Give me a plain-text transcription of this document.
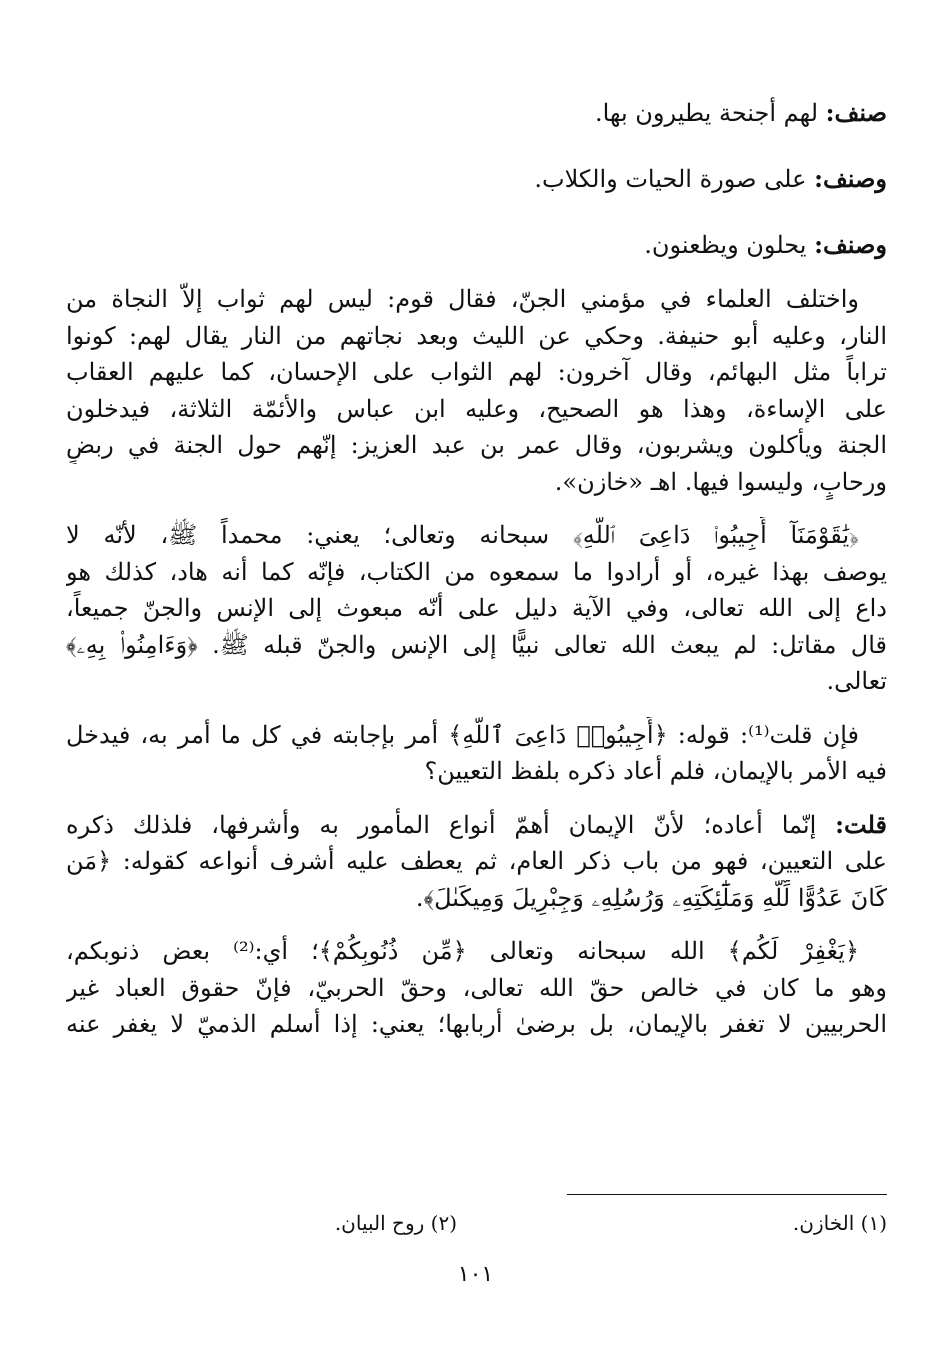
صنف: لهم أجنحة يطيرون بها.

وصنف: على صورة الحيات والكلاب.

وصنف: يحلون ويظعنون.

واختلف العلماء في مؤمني الجنّ، فقال قوم: ليس لهم ثواب إلاّ النجاة من

النار، وعليه أبو حنيفة. وحكي عن الليث وبعد نجاتهم من النار يقال لهم: كونوا

تراباً مثل البهائم، وقال آخرون: لهم الثواب على الإحسان، كما عليهم العقاب

على الإساءة، وهذا هو الصحيح، وعليه ابن عباس والأئمّة الثلاثة، فيدخلون

الجنة ويأكلون ويشربون، وقال عمر بن عبد العزيز: إنّهم حول الجنة في ربضٍ

ورحابٍ، وليسوا فيها. اهـ «خازن».

﴿يَٰقَوْمَنَآ أَجِيبُوا۟ دَاعِىَ ٱللَّهِ﴾ سبحانه وتعالى؛ يعني: محمداً ﷺ، لأنّه لا

يوصف بهذا غيره، أو أرادوا ما سمعوه من الكتاب، فإنّه كما أنه هاد، كذلك هو

داع إلى الله تعالى، وفي الآية دليل على أنّه مبعوث إلى الإنس والجنّ جميعاً،

قال مقاتل: لم يبعث الله تعالى نبيًّا إلى الإنس والجنّ قبله ﷺ. ﴿وَءَامِنُوا۟ بِهِۦ﴾

تعالى.

فإن قلت⁽¹⁾: قوله: ﴿أَجِيبُوا۟ دَاعِىَ ٱللَّهِ﴾ أمر بإجابته في كل ما أمر به، فيدخل

فيه الأمر بالإيمان، فلم أعاد ذكره بلفظ التعيين؟

قلت: إنّما أعاده؛ لأنّ الإيمان أهمّ أنواع المأمور به وأشرفها، فلذلك ذكره

على التعيين، فهو من باب ذكر العام، ثم يعطف عليه أشرف أنواعه كقوله: ﴿مَن

كَانَ عَدُوًّا لِّلَّهِ وَمَلَٰٓئِكَتِهِۦ وَرُسُلِهِۦ وَجِبْرِيلَ وَمِيكَىٰلَ﴾.

﴿يَغْفِرْ لَكُم﴾ الله سبحانه وتعالى ﴿مِّن ذُنُوبِكُمْ﴾؛ أي:⁽²⁾ بعض ذنوبكم،

وهو ما كان في خالص حقّ الله تعالى، وحقّ الحربيّ، فإنّ حقوق العباد غير

الحربيين لا تغفر بالإيمان، بل برضىٰ أربابها؛ يعني: إذا أسلم الذميّ لا يغفر عنه

(١) الخازن.(٢) روح البيان.
١٠١
